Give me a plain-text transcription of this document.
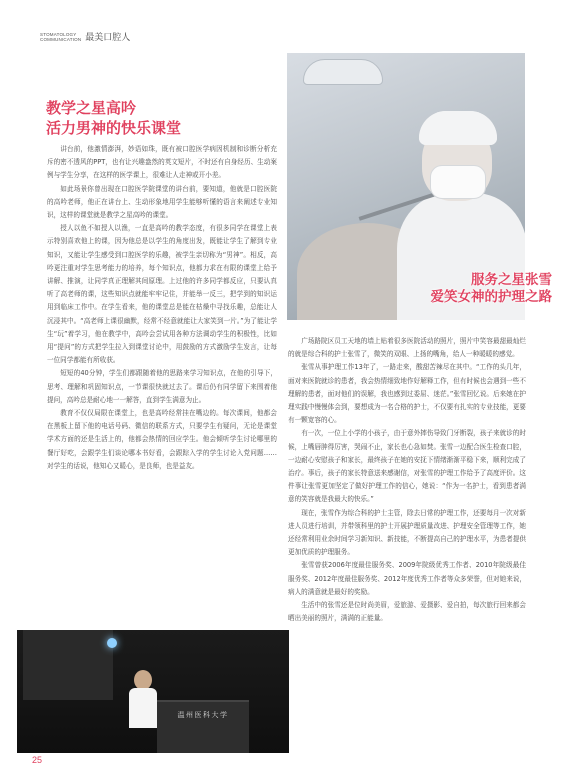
STOMATOLOGY
COMMUNICATION 最美口腔人
服务之星张雪
爱笑女神的护理之路
教学之星高吟
活力男神的快乐课堂

讲台前，他激情澎湃，妙语如珠，既有被口腔医学病因机制和诊断分析充斥的密不透风的PPT，也有让兴趣盎然的英文短片，不时还有自身经历、生动案例与学生分享，在这样的医学课上，很难让人走神或开小差。

如此场景你曾出现在口腔医学院课堂的讲台前，要知道，他就是口腔医院的高吟老师，他正在讲台上、生动形象地用学生能够听懂的语言来阐述专业知识，这样的课堂就是教学之星高吟的课堂。

授人以鱼不如授人以渔，一直是高吟的教学态度，有很多同学在课堂上表示特别喜欢他上的课，因为他总是以学生的角度出发，既能让学生了解到专业知识，又能让学生感受到口腔医学的乐趣，被学生亲切称为“男神”。相反，高吟更注重对学生思考能力的培养，每个知识点，他都力求在有限的课堂上给予讲解、推演，让同学真正理解其间原理。上过他的许多同学都反应，只要认真听了高老师的课，这些知识点就能牢牢记住，并能举一反三，把学到的知识运用到临床工作中。在学生看来，他的课堂总是能在枯燥中寻找乐趣，总能让人沉浸其中。“高老师上课很幽默，经常不经意就能让大家笑到一片。”为了能让学生“玩”着学习，他在教学中，高吟会尝试用各种方法调动学生的积极性，比如用“提问”的方式把学生拉入到课堂讨论中，用鼓励的方式激励学生发言，让每一位同学都能有所收获。

短短的40分钟，学生们都跟随着他的思路来学习知识点，在他的引导下，思考、理解和巩固知识点，一节课很快就过去了。课后仍有同学留下来围着他提问，高吟总是耐心地一一解答，直到学生满意为止。

教育不仅仅局限在课堂上，也是高吟经常挂在嘴边的。每次课间，他都会在黑板上留下他的电话号码、微信的联系方式，只要学生有疑问，无论是课堂学术方面的还是生活上的，他都会热情的回应学生。他会倾听学生讨论哪里的餐厅好吃，会跟学生们谈论哪本书好看，会跟踪入学的学生讨论入党问题……对学生的话说，他知心又暖心，是良师，也是益友。

广场路院区员工天地的墙上贴着很多医院活动的照片，照片中笑容最甜最灿烂的就是综合科的护士张雪了，微笑的双眼、上扬的嘴角，给人一种暖暖的感觉。

张雪从事护理工作13年了，一路走来，酸甜苦辣尽在其中。“工作的头几年，面对来医院就诊的患者，我会热情细致地作好解释工作，但有时候也会遇到一些不理解的患者，面对他们的误解，我也感到过委屈、迷茫。”张雪回忆说。后来她在护理实践中慢慢体会到，要想成为一名合格的护士，不仅要有扎实的专业技能，更要有一颗宽容的心。

有一次，一位上小学的小孩子，由于意外摔伤导致门牙断裂，孩子来就诊的时候，上嘴唇肿得厉害，哭闹不止，家长也心急如焚。张雪一边配合医生检查口腔，一边耐心安慰孩子和家长，最终孩子在她的安抚下情绪渐渐平稳下来，顺利完成了治疗。事后，孩子的家长特意送来感谢信，对张雪的护理工作给予了高度评价。这件事让张雪更加坚定了做好护理工作的信心，她说：“作为一名护士，看到患者满意的笑容就是我最大的快乐。”

现在，张雪作为综合科的护士主管，除去日常的护理工作，还要每月一次对新进人员进行培训，并带领科里的护士开展护理质量改进、护理安全管理等工作，她还经常利用业余时间学习新知识、新技能，不断提高自己的护理水平，为患者提供更加优质的护理服务。

张雪曾获2006年度最佳服务奖、2009年院级优秀工作者、2010年院级最佳服务奖、2012年度最佳服务奖、2012年度优秀工作者等众多荣誉，但对她来说，病人的满意就是最好的奖励。

生活中的张雪还是位时尚美眉，爱旅游、爱摄影、爱自拍，每次旅行回来都会晒出美丽的照片，满满的正能量。

温州医科大学
25
